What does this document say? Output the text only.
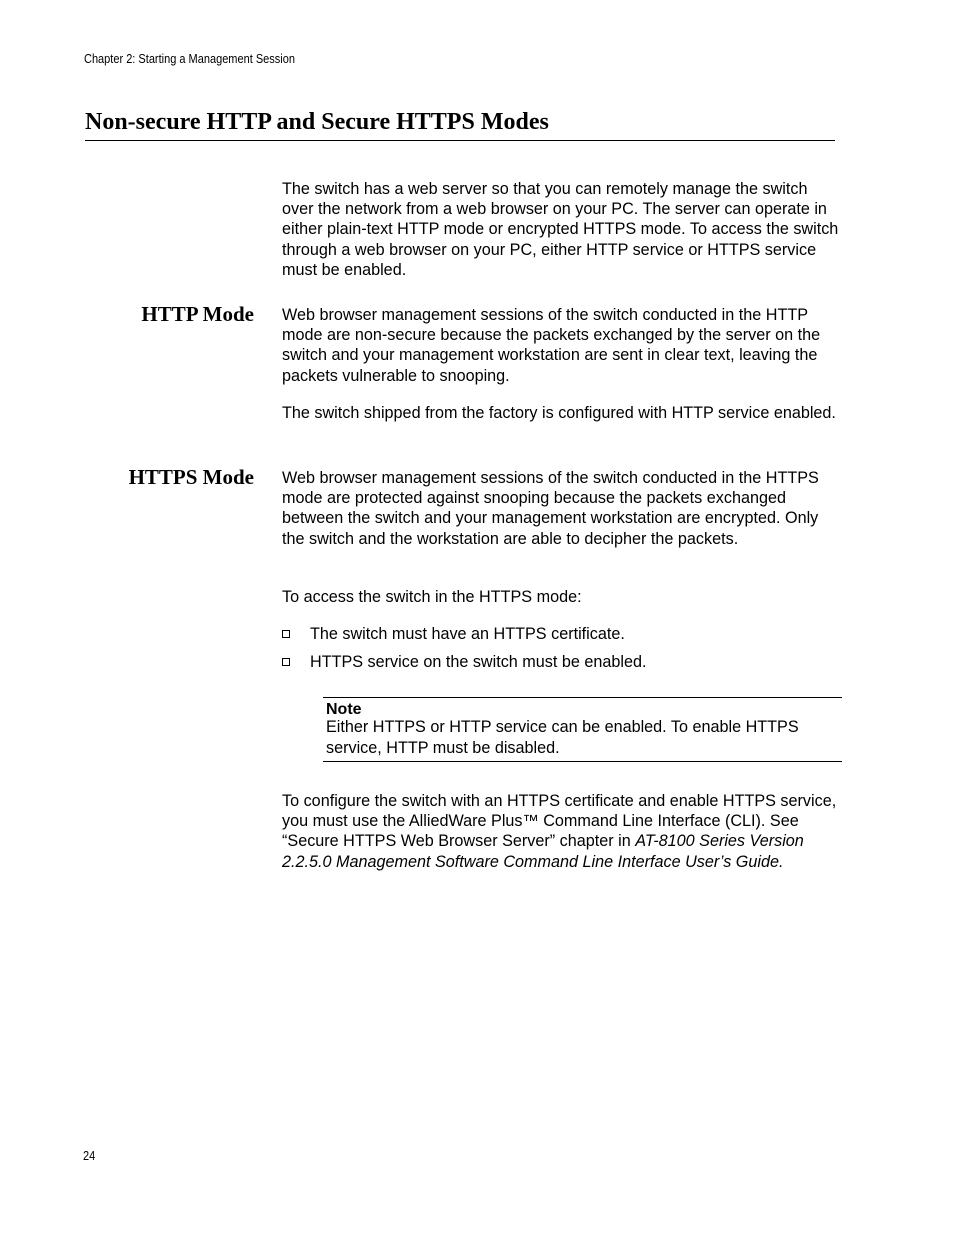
Chapter 2: Starting a Management Session
Non-secure HTTP and Secure HTTPS Modes

The switch has a web server so that you can remotely manage the switch over the network from a web browser on your PC. The server can operate in either plain-text HTTP mode or encrypted HTTPS mode. To access the switch through a web browser on your PC, either HTTP service or HTTPS service must be enabled.

HTTP Mode Web browser management sessions of the switch conducted in the HTTP mode are non-secure because the packets exchanged by the server on the switch and your management workstation are sent in clear text, leaving the packets vulnerable to snooping.

The switch shipped from the factory is configured with HTTP service enabled.

HTTPS Mode Web browser management sessions of the switch conducted in the HTTPS mode are protected against snooping because the packets exchanged between the switch and your management workstation are encrypted. Only the switch and the workstation are able to decipher the packets.

To access the switch in the HTTPS mode:

The switch must have an HTTPS certificate.
HTTPS service on the switch must be enabled.
Note
Either HTTPS or HTTP service can be enabled. To enable HTTPS service, HTTP must be disabled.

To configure the switch with an HTTPS certificate and enable HTTPS service, you must use the AlliedWare Plus™ Command Line Interface (CLI). See “Secure HTTPS Web Browser Server” chapter in AT-8100 Series Version 2.2.5.0 Management Software Command Line Interface User’s Guide.

24
